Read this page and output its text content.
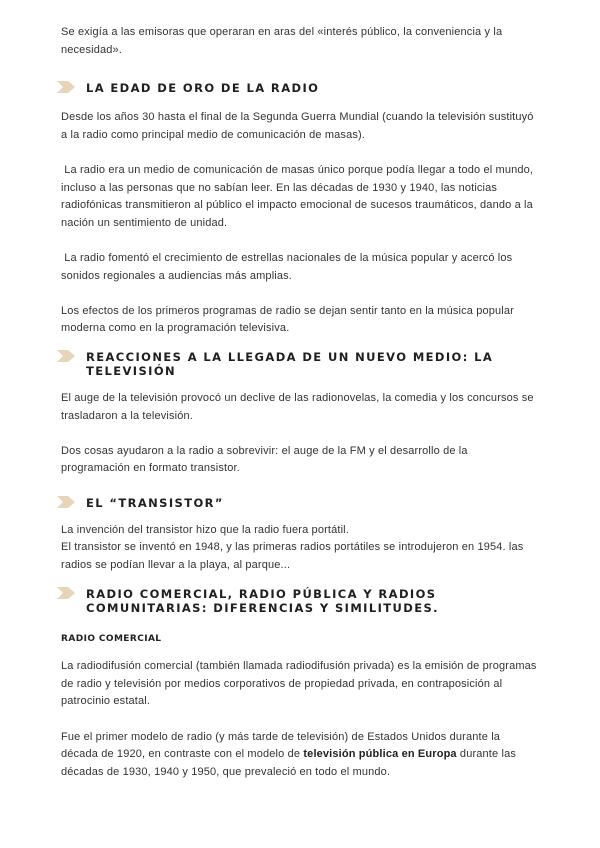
Se exigía a las emisoras que operaran en aras del «interés público, la conveniencia y la necesidad».

LA EDAD DE ORO DE LA RADIO

Desde los años 30 hasta el final de la Segunda Guerra Mundial (cuando la televisión sustituyó a la radio como principal medio de comunicación de masas).

La radio era un medio de comunicación de masas único porque podía llegar a todo el mundo, incluso a las personas que no sabían leer. En las décadas de 1930 y 1940, las noticias radiofónicas transmitieron al público el impacto emocional de sucesos traumáticos, dando a la nación un sentimiento de unidad.

La radio fomentó el crecimiento de estrellas nacionales de la música popular y acercó los sonidos regionales a audiencias más amplias.

Los efectos de los primeros programas de radio se dejan sentir tanto en la música popular moderna como en la programación televisiva.

REACCIONES A LA LLEGADA DE UN NUEVO MEDIO: LA
TELEVISIÓN

El auge de la televisión provocó un declive de las radionovelas, la comedia y los concursos se trasladaron a la televisión.

Dos cosas ayudaron a la radio a sobrevivir: el auge de la FM y el desarrollo de la programación en formato transistor.

EL “TRANSISTOR”

La invención del transistor hizo que la radio fuera portátil.
El transistor se inventó en 1948, y las primeras radios portátiles se introdujeron en 1954. las radios se podían llevar a la playa, al parque...

RADIO COMERCIAL, RADIO PÚBLICA Y RADIOS
COMUNITARIAS: DIFERENCIAS Y SIMILITUDES.

RADIO COMERCIAL

La radiodifusión comercial (también llamada radiodifusión privada) es la emisión de programas de radio y televisión por medios corporativos de propiedad privada, en contraposición al patrocinio estatal.

Fue el primer modelo de radio (y más tarde de televisión) de Estados Unidos durante la década de 1920, en contraste con el modelo de televisión pública en Europa durante las décadas de 1930, 1940 y 1950, que prevaleció en todo el mundo.
